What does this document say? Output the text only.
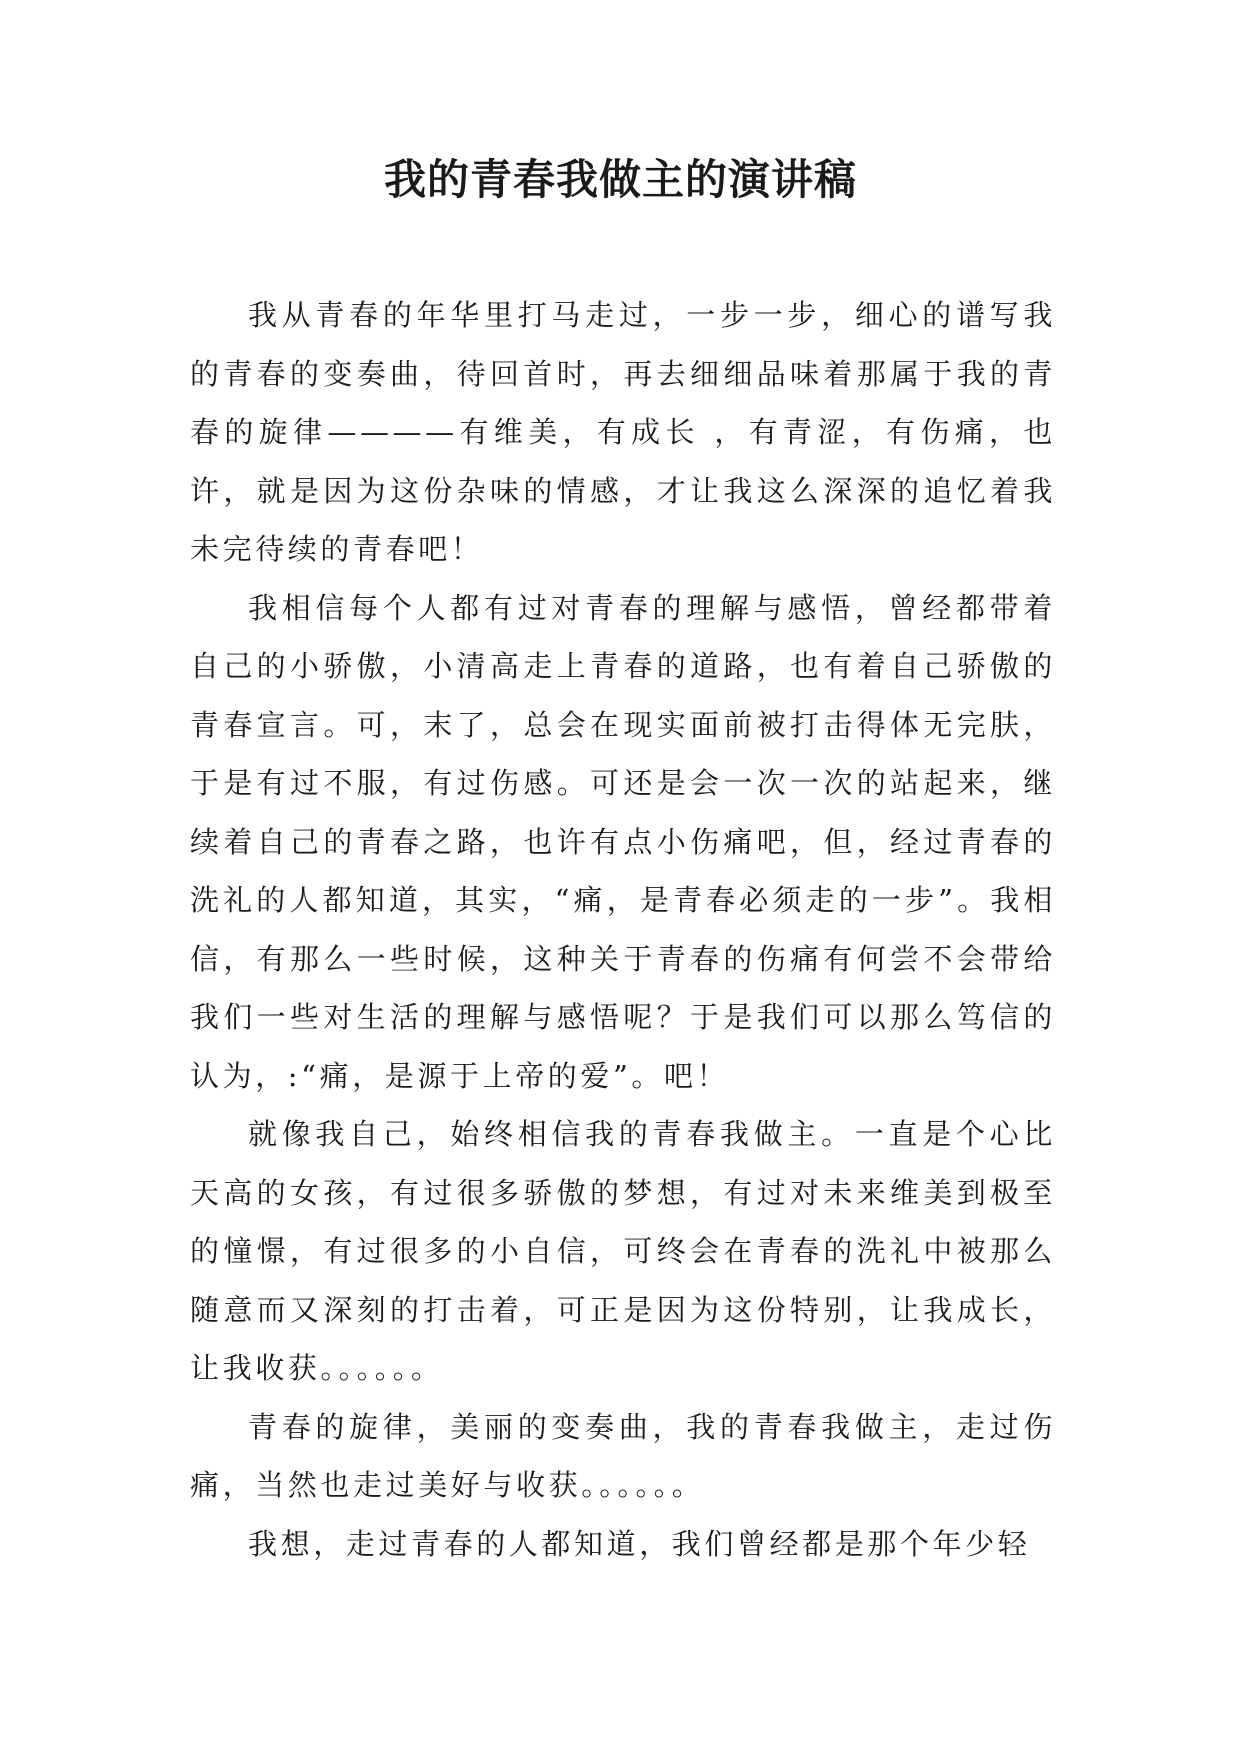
我的青春我做主的演讲稿

我从青春的年华里打马走过，一步一步，细心的谱写我的青春的变奏曲，待回首时，再去细细品味着那属于我的青春的旋律————有维美，有成长 ，有青涩，有伤痛，也许，就是因为这份杂味的情感，才让我这么深深的追忆着我未完待续的青春吧！

我相信每个人都有过对青春的理解与感悟，曾经都带着自己的小骄傲，小清高走上青春的道路，也有着自己骄傲的青春宣言。可，末了，总会在现实面前被打击得体无完肤，于是有过不服，有过伤感。可还是会一次一次的站起来，继续着自己的青春之路，也许有点小伤痛吧，但，经过青春的洗礼的人都知道，其实，“痛，是青春必须走的一步”。我相信，有那么一些时候，这种关于青春的伤痛有何尝不会带给我们一些对生活的理解与感悟呢？于是我们可以那么笃信的认为，:“痛，是源于上帝的爱”。吧！

就像我自己，始终相信我的青春我做主。一直是个心比天高的女孩，有过很多骄傲的梦想，有过对未来维美到极至的憧憬，有过很多的小自信，可终会在青春的洗礼中被那么随意而又深刻的打击着，可正是因为这份特别，让我成长，让我收获。。。。。。

青春的旋律，美丽的变奏曲，我的青春我做主，走过伤痛，当然也走过美好与收获。。。。。。

我想，走过青春的人都知道，我们曾经都是那个年少轻
